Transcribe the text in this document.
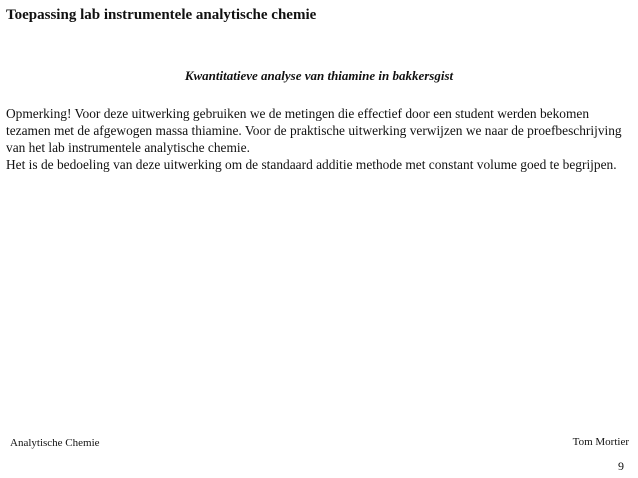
Toepassing lab instrumentele analytische chemie
Kwantitatieve analyse van thiamine in bakkersgist

Opmerking! Voor deze uitwerking gebruiken we de metingen die effectief door een student werden bekomen tezamen met de afgewogen massa thiamine. Voor de praktische uitwerking verwijzen we naar de proefbeschrijving van het lab instrumentele analytische chemie.

Het is de bedoeling van deze uitwerking om de standaard additie methode met constant volume goed te begrijpen.

Analytische Chemie	Tom Mortier
9
